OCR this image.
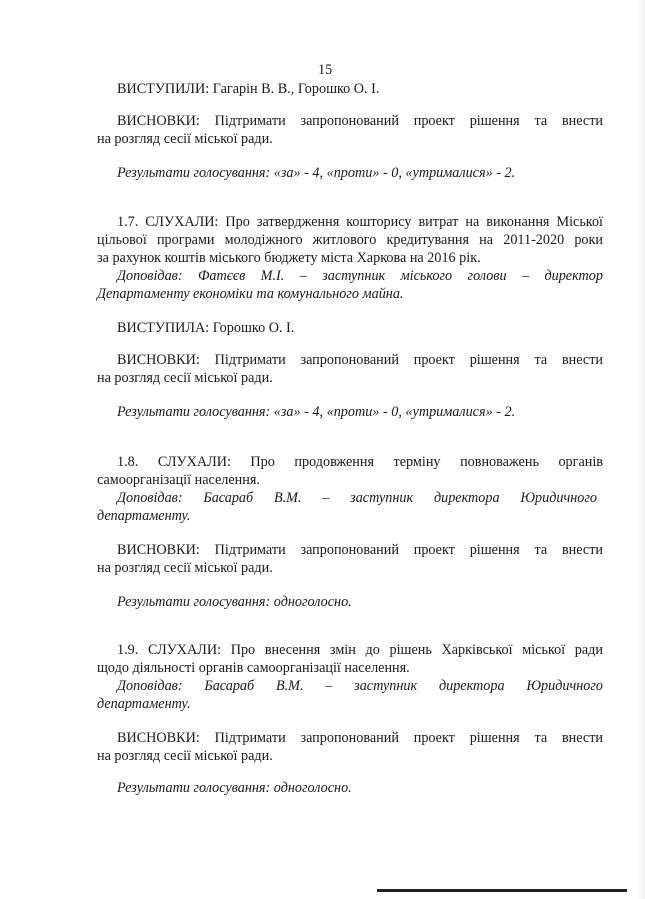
15
ВИСТУПИЛИ: Гагарін В. В., Горошко О. І.
ВИСНОВКИ: Підтримати запропонований проект рішення та внести
на розгляд сесії міської ради.
Результати голосування: «за» - 4, «проти» - 0, «утрималися» - 2.
1.7. СЛУХАЛИ: Про затвердження кошторису витрат на виконання Міської
цільової програми молодіжного житлового кредитування на 2011-2020 роки
за рахунок коштів міського бюджету міста Харкова на 2016 рік.
Доповідав: Фатєєв М.І. – заступник міського голови – директор
Департаменту економіки та комунального майна.
ВИСТУПИЛА: Горошко О. І.
ВИСНОВКИ: Підтримати запропонований проект рішення та внести
на розгляд сесії міської ради.
Результати голосування: «за» - 4, «проти» - 0, «утрималися» - 2.
1.8. СЛУХАЛИ: Про продовження терміну повноважень органів
самоорганізації населення.
Доповідав: Басараб В.М. – заступник директора Юридичного
департаменту.
ВИСНОВКИ: Підтримати запропонований проект рішення та внести
на розгляд сесії міської ради.
Результати голосування: одноголосно.
1.9. СЛУХАЛИ: Про внесення змін до рішень Харківської міської ради
щодо діяльності органів самоорганізації населення.
Доповідав: Басараб В.М. – заступник директора Юридичного
департаменту.
ВИСНОВКИ: Підтримати запропонований проект рішення та внести
на розгляд сесії міської ради.
Результати голосування: одноголосно.
